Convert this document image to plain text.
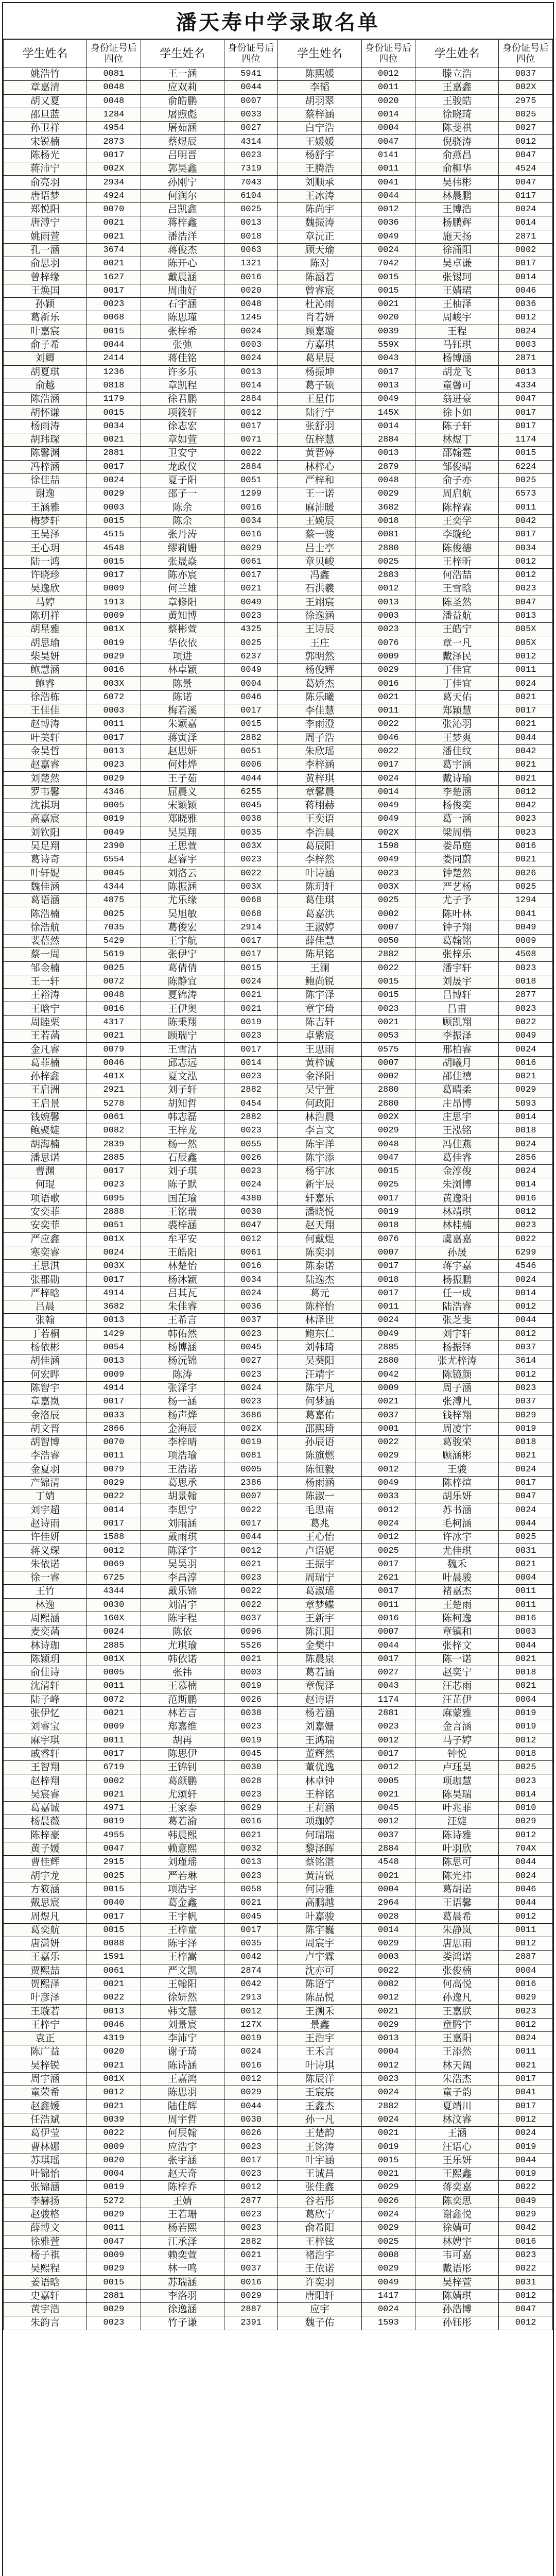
潘天寿中学录取名单
学生姓名	身份证号后四位	学生姓名	身份证号后四位	学生姓名	身份证号后四位	学生姓名	身份证号后四位
姚浩竹	0081	王一涵	5941	陈熙媛	0012	滕立浩	0037
章嘉清	0048	应双莉	0044	李韬	0011	王嘉鑫	002X
胡又夏	0048	俞皓鹏	0007	胡羽翠	0020	王骏皓	2975
邵旦蓝	1284	屠煦彪	0033	蔡梓涵	0014	徐晓琦	0025
孙卫祥	4954	屠茹涵	0027	白宁浩	0004	陈斐祺	0027
宋锐楠	2873	蔡煜辰	4314	王媛媛	0047	倪骁涛	0012
陈杨光	0017	吕明晋	0023	杨舒宇	0141	俞燕昌	0047
蒋沛宁	002X	郭昊鑫	7319	王腾浩	0011	俞柳华	4524
俞亮羽	2934	孙刚宁	7043	刘顺承	0041	吴伟彬	0047
唐语梦	4924	何润尔	6104	王冰涛	0044	林晨鹏	0117
郑悦阳	0070	吕凯鑫	0025	陈尚宇	0012	王博浩	0024
唐溥宁	0021	蒋梓鑫	0013	魏振涛	0036	杨鹏辉	0014
姚雨萱	0021	潘浩洋	0018	章沅正	0049	施天扬	2871
孔一涵	3674	蒋俊杰	0063	顾天瑜	0024	徐涌阳	0002
俞思羽	0021	陈开心	1321	陈对	7042	吴卓谦	0017
曾梓缘	1627	戴晨涵	0016	陈涵若	0015	张锡珂	0014
王焕国	0017	周曲好	0020	曾睿宸	0015	王婧珺	0046
孙颖	0023	石宇涵	0048	杜沁雨	0021	王柚泽	0036
葛新乐	0068	陈思瑾	1245	肖若妍	0020	周峻宇	0012
叶嘉宸	0015	张梓希	0024	顾嘉璇	0039	王程	0024
俞子希	0044	张弛	0003	方嘉琪	559X	马钰琪	0003
刘卿	2414	蒋佳铭	0024	葛星辰	0043	杨博涵	2871
胡夏琪	1236	许多乐	0013	杨振坤	0017	胡龙飞	0013
俞越	0818	章凯程	0014	葛子硕	0013	童馨可	4334
陈浩涵	1179	徐君鹏	2884	王星伟	0049	翁进豪	0047
胡怀谦	0015	项筱轩	0012	陆行宁	145X	徐卜如	0017
杨雨涛	0034	徐志宏	0017	张舒羽	0014	陈子轩	0017
胡玮琛	0021	章如萱	0071	伍梓慧	2884	林煜丁	1174
陈馨渊	2881	卫安宁	0022	黄晋婷	0013	邵翰霆	0015
冯梓涵	0017	龙政仪	2884	林梓心	2879	邹俊晴	6224
徐佳喆	0024	夏子阳	0051	严梓和	0048	俞子亦	0025
谢逸	0029	邵子一	1299	王一诺	0029	周启航	6573
王涵雅	0003	陈余	0016	麻沛暖	3682	陈梓霖	0011
梅梦轩	0015	陈余	0034	王婉辰	0018	王奕学	0042
王吴泽	4515	张丹涛	0016	蔡一骏	0081	李璇纶	0017
王心玥	4548	缪莉姗	0029	吕士亭	2880	陈俊德	0034
陆一鸿	0015	张晟焱	0061	章贝峻	0025	王梓昕	0012
许晓珍	0017	陈亦宸	0017	冯鑫	2883	何浩喆	0012
吴逸欣	0009	何兰雄	0021	石洪羲	0012	王雪晗	0023
马婷	1913	章修阳	0049	王翊宸	0013	陈圣然	0047
陈玥祥	0009	黄知博	0023	徐逸涵	0003	潘益航	0013
胡星雅	001X	蔡彬萱	4325	王诗辰	0023	王皓宁	005X
胡思瑜	0019	华依依	0025	王庄	0076	章一凡	005X
柴昊妍	0029	项进	6237	郭明然	0009	戴泽民	0012
鲍慧涵	0016	林卓颖	0049	杨俊辉	0029	丁佳宜	0011
鲍睿	003X	陈景	0004	葛娇杰	0016	丁佳宜	0024
徐浩栋	6072	陈诺	0046	陈乐曦	0021	葛天佑	0021
王佳佳	0003	梅若溪	0017	李佳慧	0011	郑颖慧	0017
赵博涛	0011	朱颖嘉	0015	李雨澄	0022	张沁羽	0021
叶美轩	0017	蒋寅泽	2882	周子浩	0046	王梦爽	0044
金昊哲	0013	赵思妍	0051	朱欣瑶	0022	潘佳纹	0042
赵嘉睿	0023	何炜烨	0006	李梓涵	0017	葛宇涵	0021
刘楚然	0029	王子茹	4044	黄梓琪	0024	戴诗瑜	0021
罗韦馨	4346	屈晨义	6255	章馨晨	0014	李楚涵	0012
沈祺玥	0005	宋颖颖	0045	蒋栩赫	0049	杨俊奕	0042
高嘉宸	0019	郑晓雅	0038	王奕语	0049	葛一涵	0023
刘钦阳	0049	吴昊翔	0035	李浩晨	002X	梁周楷	0023
吴足翔	2390	王思萱	003X	葛辰阳	1598	娄昂庭	0016
葛诗奇	6554	赵睿宇	0023	李梓然	0049	娄同蔚	0021
叶轩妮	0045	刘洛云	0022	叶诗涵	0023	钟楚然	0026
魏佳涵	4344	陈振涵	003X	陈玥轩	003X	严艺杨	0025
葛语涵	4875	尤乐缘	0068	葛佳琪	0025	尤子予	1294
陈浩楠	0025	吴旭敏	0068	葛嘉洪	0002	陈叶林	0041
徐浩航	7035	葛俊宏	2914	王淑婷	0007	钟子翔	0049
裴蓓然	5429	王宇航	0017	薛佳慧	0050	葛翰铭	0009
蔡一周	5619	张伊宁	0017	陈星铭	2882	张梓乐	4508
邹金楠	0025	葛倩倩	0015	王澜	0022	潘宇轩	0023
王一轩	0072	陈静宜	0024	鲍尚锐	0015	刘晟宇	0018
王裕涛	0048	夏锦涛	0021	陈宇泽	0015	吕博轩	2877
王晗宁	0016	王伊奥	0021	章宇琦	0023	吕甫	0023
周睦栗	4317	陈秉翔	0019	陈吉轩	0021	顾凯翔	0022
王若菡	0021	顾瑞宁	0023	卓紫宸	0053	李振泽	0049
金凡睿	0079	王雪洁	0017	王思雨	0575	邢柏睿	0024
葛菲楠	0046	邱志远	0014	黄梓诚	0007	胡曦月	0016
孙梓鑫	401X	夏文泓	0023	金泽阳	0002	邵佳禧	0021
王启洲	2921	刘子轩	2882	吴宁萱	2880	葛晴柔	0029
王启景	5278	胡知哲	0454	何政阳	2880	庄昂博	5093
钱婉馨	0061	韩志磊	2882	林浩晨	002X	庄思宇	0014
鲍聚婕	0082	王梓龙	0023	李言文	0029	王泓铭	0018
胡海楠	2839	杨一然	0055	陈宇洋	0048	冯佳燕	0024
潘思诺	2885	石辰鑫	0026	陈宇添	0047	葛佳睿	2856
曹渊	0017	刘子琪	0023	杨宇冰	0015	金淳俊	0024
何琨	0023	陈子默	0024	新宇辰	0025	朱浏博	0014
项语歌	6095	国芷瑜	4380	轩嘉乐	0017	黄逸阳	0016
安奕菲	2888	王铭瑞	0030	潘晓悦	0019	林靖琪	0012
安奕菲	0051	裘梓涵	0047	赵天翔	0018	林桂楠	0023
严应鑫	001X	牟平安	0012	何戴煜	0076	虞嘉嘉	0022
寒奕睿	0024	王皓阳	0061	陈奕羽	0007	孙晟	6299
王思淇	003X	林楚怡	0016	陈泰诺	0017	蒋宇嘉	4546
张郡勋	0017	杨沐颖	0034	陆逸杰	0018	杨振鹏	0024
严梓晗	4914	吕其瓦	0024	葛元	0017	任一成	0014
吕晨	3682	朱佳睿	0036	陈梓怡	0011	陆浩睿	0012
张翰	0013	王希言	0037	林泽世	0024	张芝斐	0044
丁若桐	1429	韩佑然	0023	鲍东仁	0049	刘宇轩	0012
杨依彬	0054	杨博涵	0045	刘韩琦	2885	杨振铎	0037
胡佳涵	0013	杨沅锦	0027	吴葵阳	2880	张尤梓涛	3614
何宏晔	0009	陈涛	0023	汪靖宇	0042	陈镜颜	0012
陈智宇	4914	张泽宇	0024	陈宇凡	0009	周子涵	0023
章嘉岚	0017	杨一涵	0023	何梦涵	0021	张溥凡	0037
金洛辰	0033	杨声烨	3686	葛嘉佑	0037	钱梓翔	0029
胡文晋	2866	金海辰	002X	邵熙琦	0001	周凌宇	0019
胡智博	0070	李梓晴	0019	孙辰语	0022	葛骏荣	0018
李浩睿	0011	项浩瑜	0081	陈旗燃	0029	顾涵彬	0021
金夏羽	0079	王浩诺	0005	陈恒毅	0012	王骏	0024
产锦清	0029	葛思承	2386	杨雨涵	0049	陈梓煊	0017
丁婧	0022	胡景翰	0007	陈淑一	0033	胡乐妍	0047
刘宇超	0014	李思宁	0022	毛思南	0012	苏书涵	0024
赵诗雨	0017	刘雨涵	0017	葛兆	0024	毛柯涵	0044
许佳妍	1588	戴雨琪	0044	王心怡	0012	许冰宇	0025
蒋义琛	0012	陈泽宇	0012	卢语妮	0025	尤佳琪	0031
朱依诺	0069	吴昊羽	0021	王振宇	0017	魏禾	0021
徐一睿	6725	李昌淳	0023	周瑞宁	2621	叶晨骏	0004
王竹	4344	戴乐锦	0022	葛淑瑶	0017	褚嘉杰	0011
林逸	0030	刘清宇	0022	章梦蝶	0011	王楚雨	0011
周熙涵	160X	陈宇程	0037	王新宇	0016	陈柯逸	0016
麦奕菡	0024	陈依	0096	陈江阳	0007	章镇和	0003
林诗珈	2885	尤琪瑜	5526	金樊中	0044	张梓文	0044
陈颖玥	001X	韩依诺	0021	陈晨泉	0017	陈一诺	0021
俞佳诗	0005	张祎	0003	葛若涵	0027	赵奕宁	0018
沈清轩	0011	王慕楠	0019	章倪泽	0043	汪芯雨	0021
陆子峰	0072	范斯鹏	0026	赵诗语	1174	汪芷伊	0004
张伊忆	0021	林若言	0038	杨若涵	2881	麻蒙雅	0019
刘睿宝	0009	郑嘉维	0023	刘嘉姗	0023	金言涵	0019
麻宇琪	0011	胡再	0019	王鸿瑞	0012	马子婷	0012
戚睿轩	0017	陈思伊	0045	董辉然	0017	钟悦	0018
王智翔	6719	王锦钊	0030	董优逸	0012	卢珏昊	0025
赵梓翔	0002	葛颜鹏	0028	林卓钟	0005	项珈慧	0023
吴宸睿	0021	尤颂轩	0023	王梓铭	0021	陈昊瑞	0014
葛嘉诚	4971	王家泰	0029	王莉涵	0045	叶兆菲	0010
杨晨薇	0019	葛若渝	0016	项珈婷	0012	汪婕	0029
陈梓豪	4955	韩晨熙	0021	何瑞瑞	0037	陈诗雅	0012
黄子媛	0047	赖意熙	0032	黎泽晖	2884	叶羽欣	704X
曹佳辉	2915	刘瑾瑶	0013	蔡铭湛	4548	陈思可	0044
胡宇龙	0025	严若琳	0023	黄清锐	0021	陈光祎	0024
方筱涵	0015	项浩宇	0058	何诗雅	0004	葛胡诺	0046
戴思宸	0040	葛金鑫	0021	高鹏越	2964	王语馨	0044
周煜凡	0017	王宇帆	0045	叶嘉骏	0028	葛晨希	0012
葛奕航	0015	王梓童	0017	陈宇巍	0014	朱静岚	0011
唐潇妍	0088	陈宇泽	0035	周宸宇	0029	唐思雨	0012
王嘉乐	1591	王梓嵩	0042	卢宇霖	0003	娄鸿诺	2887
贾熙喆	0061	严文凯	2874	沈亦可	0022	张俊楠	0004
贺熙泽	0021	王翰阳	0042	陈语宁	0082	何高悦	0016
叶彦泽	0022	徐妍然	2913	陈品悦	0012	孙逸凡	0029
王璇若	0013	韩文慧	0012	王溯禾	0021	王嘉朕	0023
王梓宁	0046	刘景宸	127X	景鑫	0029	童腾宇	0012
袁正	4319	李沛宁	0019	王浩宇	0013	王嘉阳	0024
陈广益	0020	谢子琦	0024	王禾言	0004	王添然	0011
吴梓锐	0021	陈诗涵	0016	叶诗琪	0012	林天阔	0021
周宇涵	001X	王嘉鸿	0012	陈辰洋	0023	朱浩杰	0017
童荣希	0012	陈思羽	0029	王宸宸	0024	童子韵	0041
赵鑫媛	0021	陆佳辉	0044	王鑫杰	2882	夏靖川	0017
任浩斌	0039	周宇哲	0030	孙一凡	0024	林汶睿	0012
葛伊莹	0022	何辰翰	0026	王楚韵	0021	王涵	0024
曹林娜	0009	应浩宇	0023	王铭涛	0019	汪语心	0019
苏琪瑶	0020	张宇涵	0017	叶宇涵	0015	王乐妍	0044
叶锦怡	0004	赵天奇	0023	王诚昌	0021	王熙鑫	0019
张锦涵	0019	陈梓乔	0012	张佳鑫	0029	蒋奕嘉	0022
李赫扬	5272	王婧	2877	谷若彤	0026	陈奕思	0049
赵骏格	0029	王若珊	0023	葛欣宁	0024	谢鑫悦	0029
薛博文	0011	杨若熙	0023	俞希阳	0029	徐婧可	0042
徐雅萱	0047	江承泽	2882	王梓铉	0025	林娉宇	0016
杨子祺	0009	赖奕萱	0021	褚浩宇	0008	韦可嘉	0023
吴熙程	0029	林一鸣	0037	王依诺	0029	戴语彤	0022
姜语晗	0015	苏瑞涵	0016	许奕羽	0049	吴梓萱	0031
史嘉轩	2881	李洛羽	0029	唐阳轩	1417	陈婧琪	0012
黄宇浩	0029	徐逸涵	2887	应宇	0024	孙浩博	0047
朱韵言	0023	竹子谦	2391	魏子佑	1593	孙钰彤	0012
